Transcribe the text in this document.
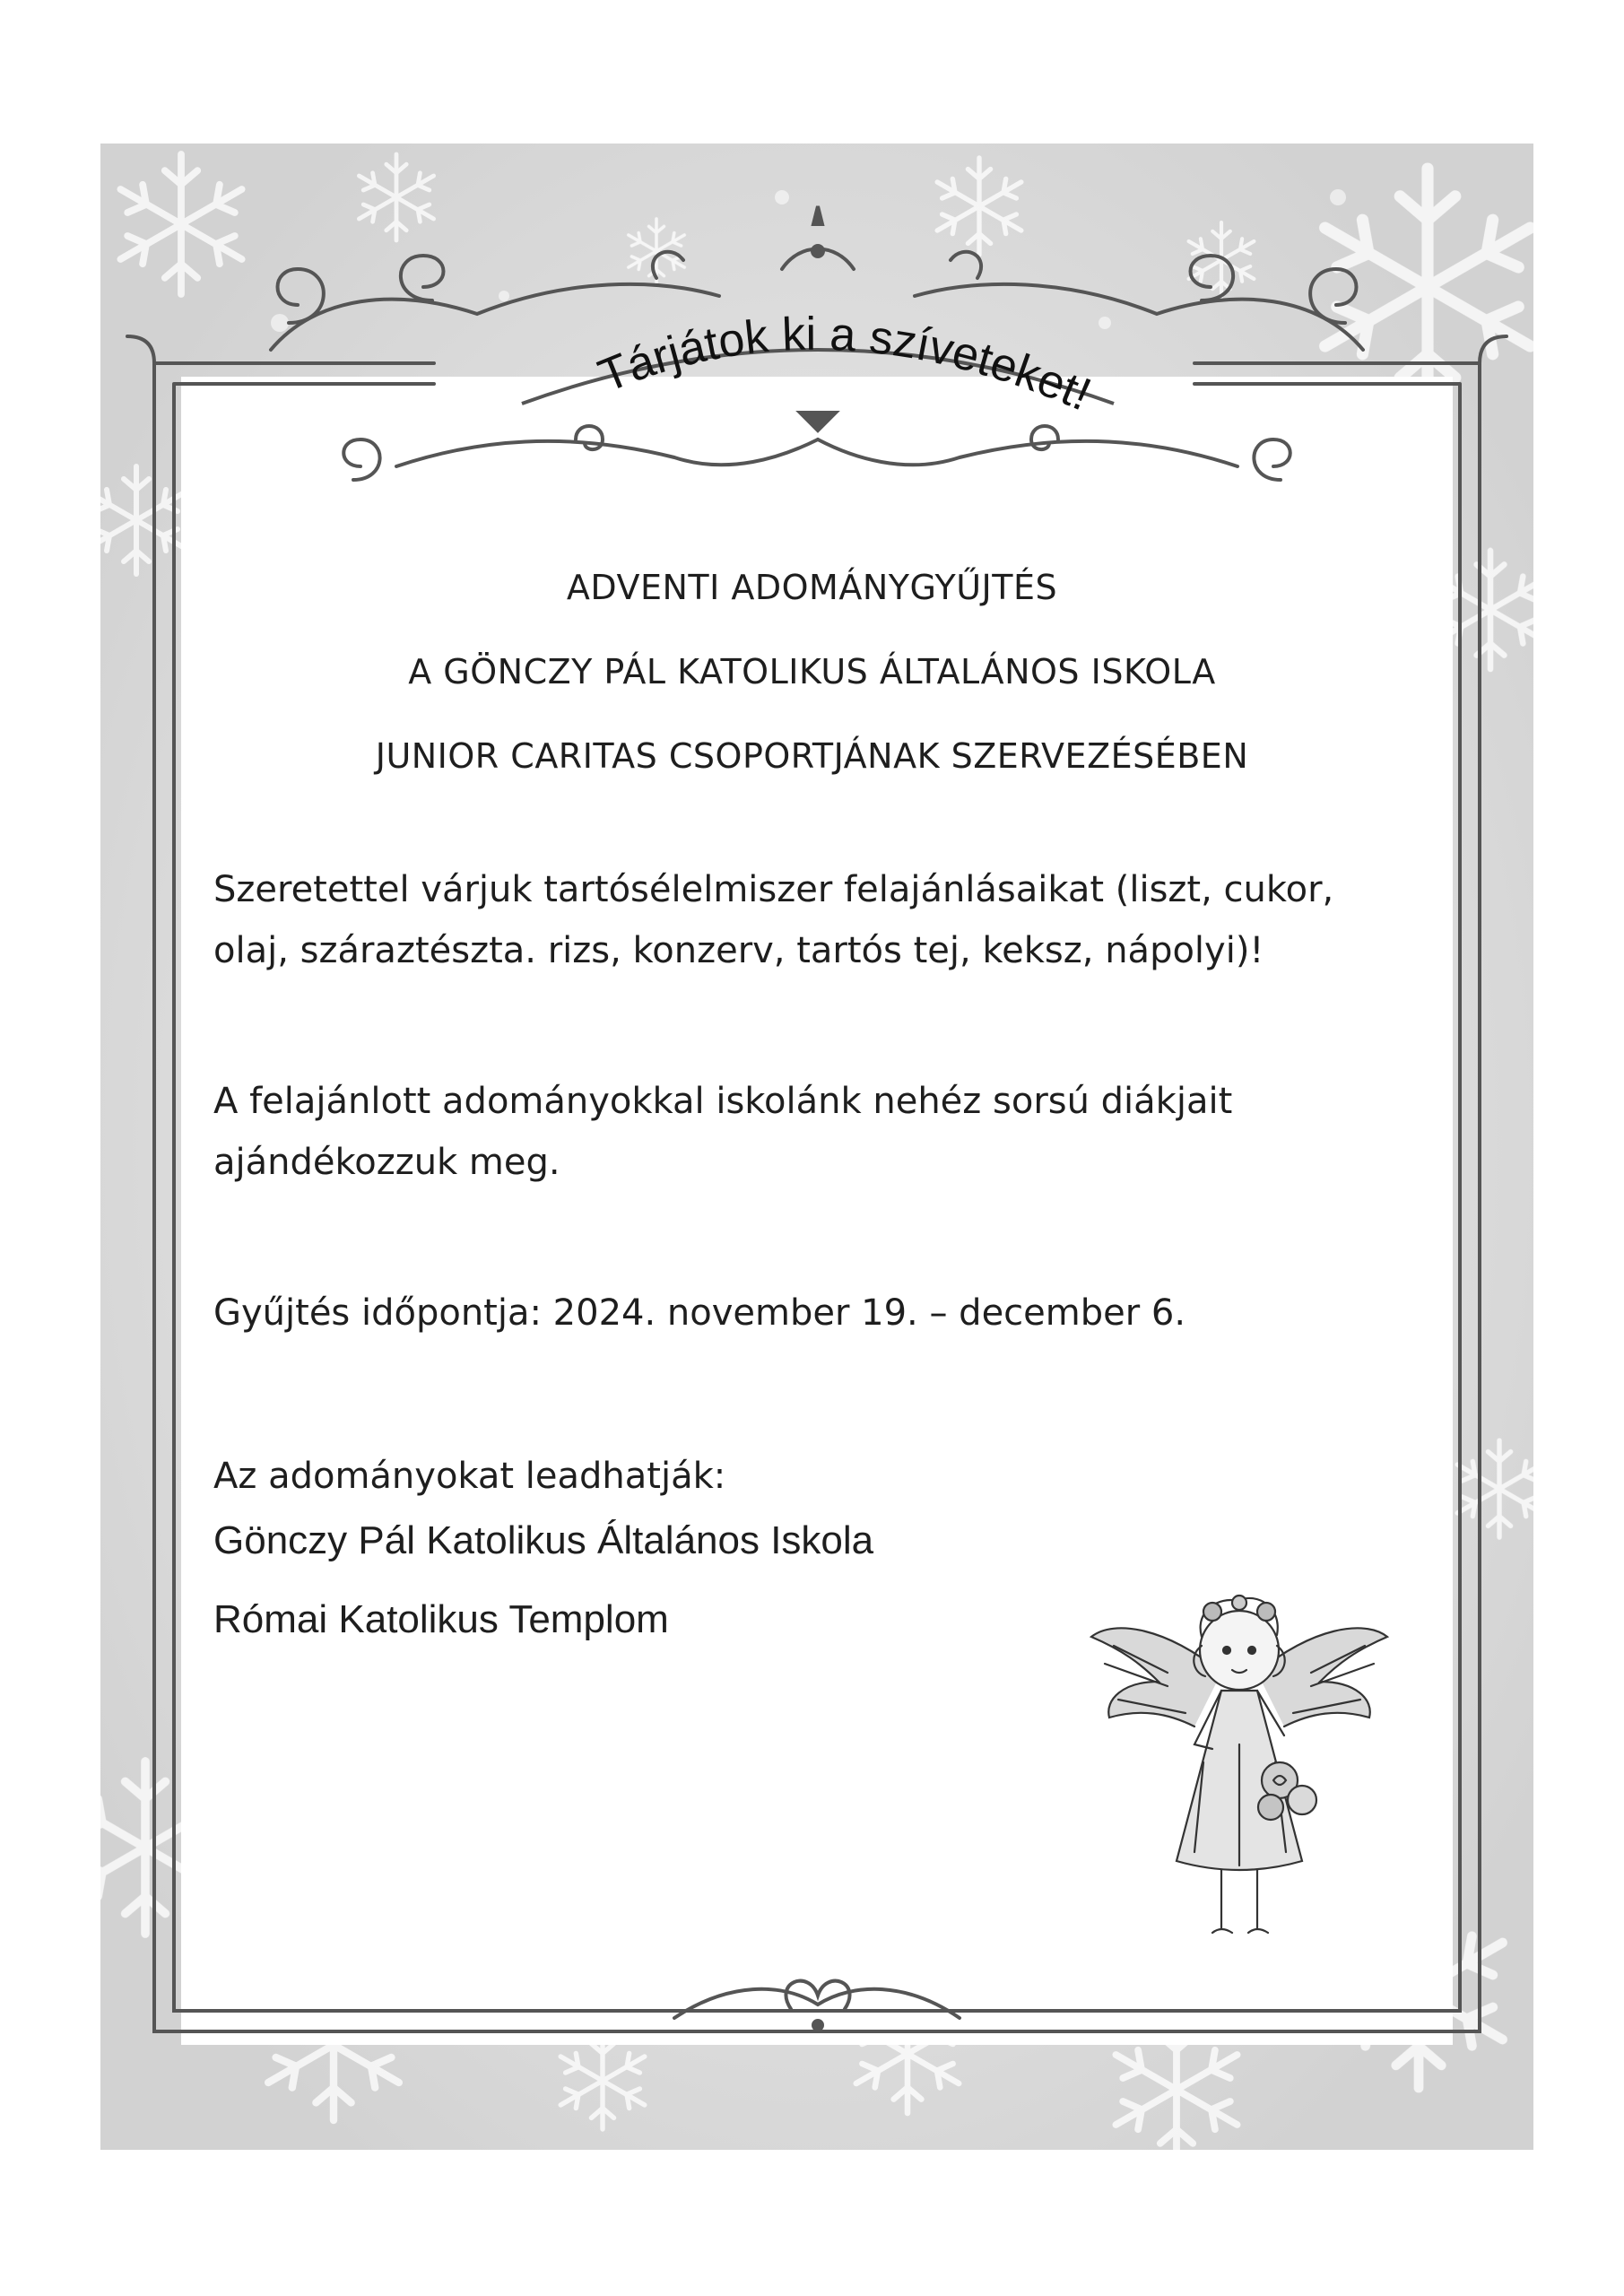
Tárjátok ki a szíveteket!
ADVENTI ADOMÁNYGYŰJTÉS
A GÖNCZY PÁL KATOLIKUS ÁLTALÁNOS ISKOLA
JUNIOR CARITAS CSOPORTJÁNAK SZERVEZÉSÉBEN
Szeretettel várjuk tartósélelmiszer felajánlásaikat (liszt, cukor,
olaj, száraztészta. rizs, konzerv, tartós tej, keksz, nápolyi)!
A felajánlott adományokkal iskolánk nehéz sorsú diákjait
ajándékozzuk meg.
Gyűjtés időpontja: 2024. november 19. – december 6.
Az adományokat leadhatják:
Gönczy Pál Katolikus Általános Iskola
Római Katolikus Templom
